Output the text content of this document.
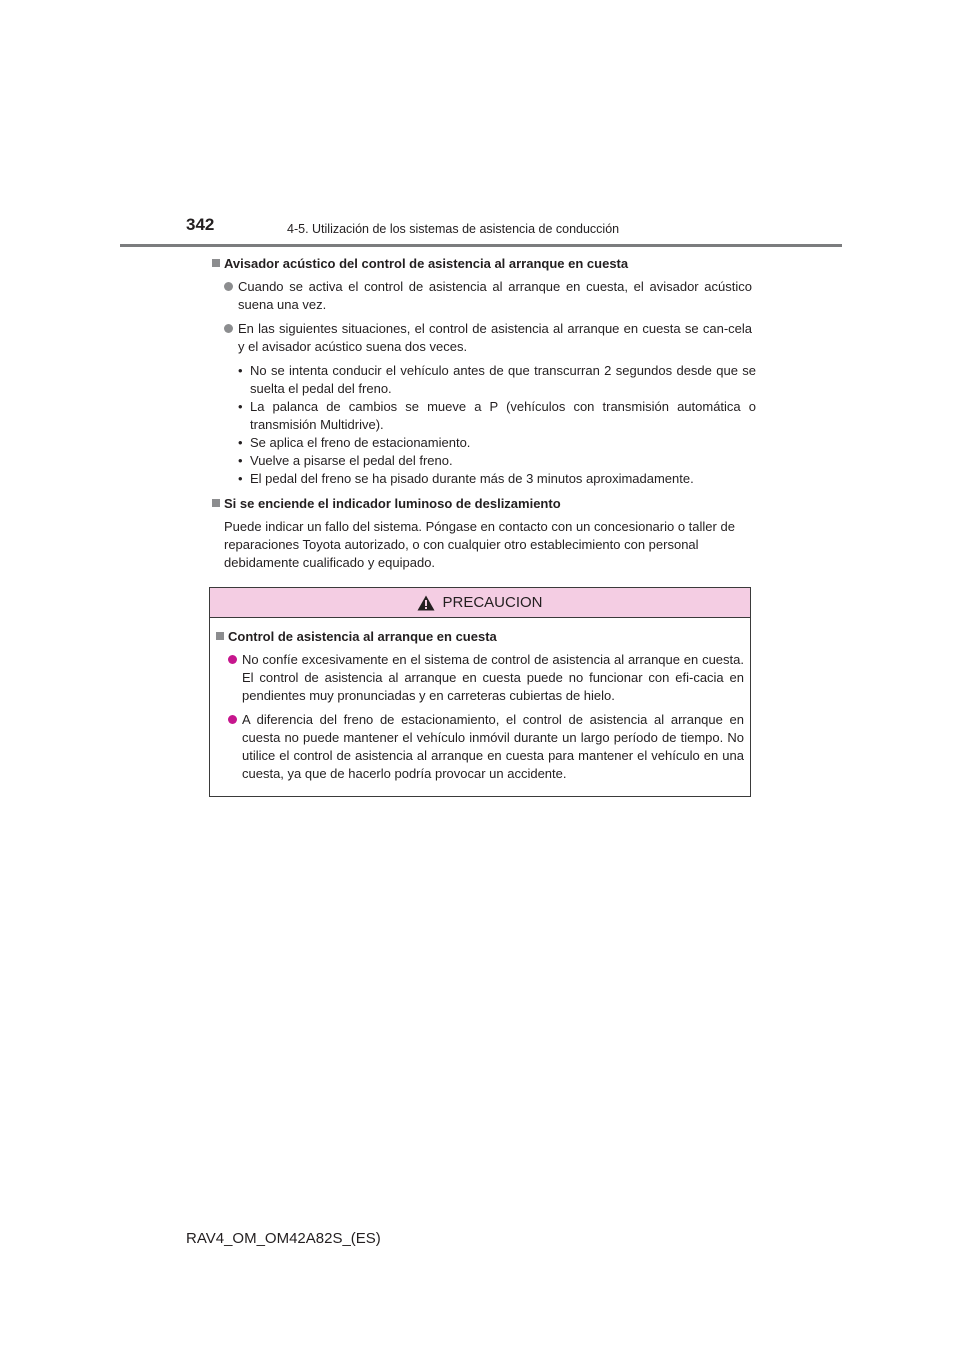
342	4-5. Utilización de los sistemas de asistencia de conducción
Avisador acústico del control de asistencia al arranque en cuesta
Cuando se activa el control de asistencia al arranque en cuesta, el avisador acústico suena una vez.
En las siguientes situaciones, el control de asistencia al arranque en cuesta se can-cela y el avisador acústico suena dos veces.
• No se intenta conducir el vehículo antes de que transcurran 2 segundos desde que se suelta el pedal del freno.
• La palanca de cambios se mueve a P (vehículos con transmisión automática o transmisión Multidrive).
• Se aplica el freno de estacionamiento.
• Vuelve a pisarse el pedal del freno.
• El pedal del freno se ha pisado durante más de 3 minutos aproximadamente.
Si se enciende el indicador luminoso de deslizamiento
Puede indicar un fallo del sistema. Póngase en contacto con un concesionario o taller de reparaciones Toyota autorizado, o con cualquier otro establecimiento con personal debidamente cualificado y equipado.
PRECAUCION
Control de asistencia al arranque en cuesta
No confíe excesivamente en el sistema de control de asistencia al arranque en cuesta. El control de asistencia al arranque en cuesta puede no funcionar con efi-cacia en pendientes muy pronunciadas y en carreteras cubiertas de hielo.
A diferencia del freno de estacionamiento, el control de asistencia al arranque en cuesta no puede mantener el vehículo inmóvil durante un largo período de tiempo. No utilice el control de asistencia al arranque en cuesta para mantener el vehículo en una cuesta, ya que de hacerlo podría provocar un accidente.
RAV4_OM_OM42A82S_(ES)
